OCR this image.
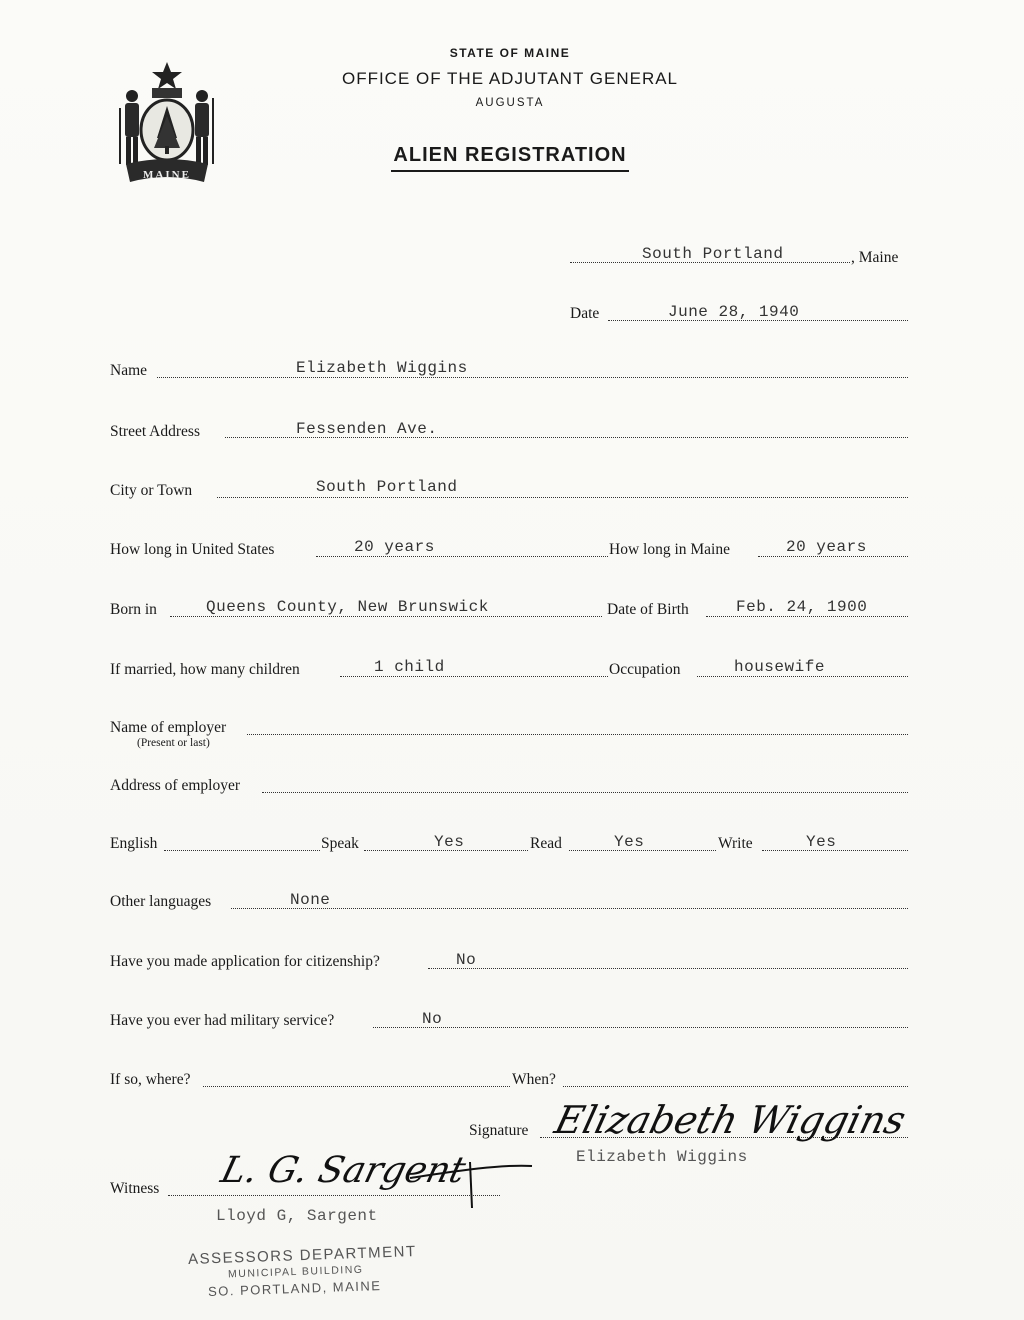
MAINE
STATE OF MAINE
OFFICE OF THE ADJUTANT GENERAL
AUGUSTA
ALIEN REGISTRATION
South Portland	, Maine
Date	June 28, 1940
Name	Elizabeth Wiggins
Street Address	Fessenden Ave.
City or Town	South Portland
How long in United States	20 years	How long in Maine	20 years
Born in	Queens County, New Brunswick	Date of Birth	Feb. 24, 1900
If married, how many children	1 child	Occupation	housewife
Name of employer
(Present or last)
Address of employer
English	Speak	Yes	Read	Yes	Write	Yes
Other languages	None
Have you made application for citizenship?	No
Have you ever had military service?	No
If so, where?	When?
Signature Elizabeth Wiggins
Elizabeth Wiggins
Witness L. G. Sargent
Lloyd G, Sargent
ASSESSORS DEPARTMENT
MUNICIPAL BUILDING
SO. PORTLAND, MAINE
